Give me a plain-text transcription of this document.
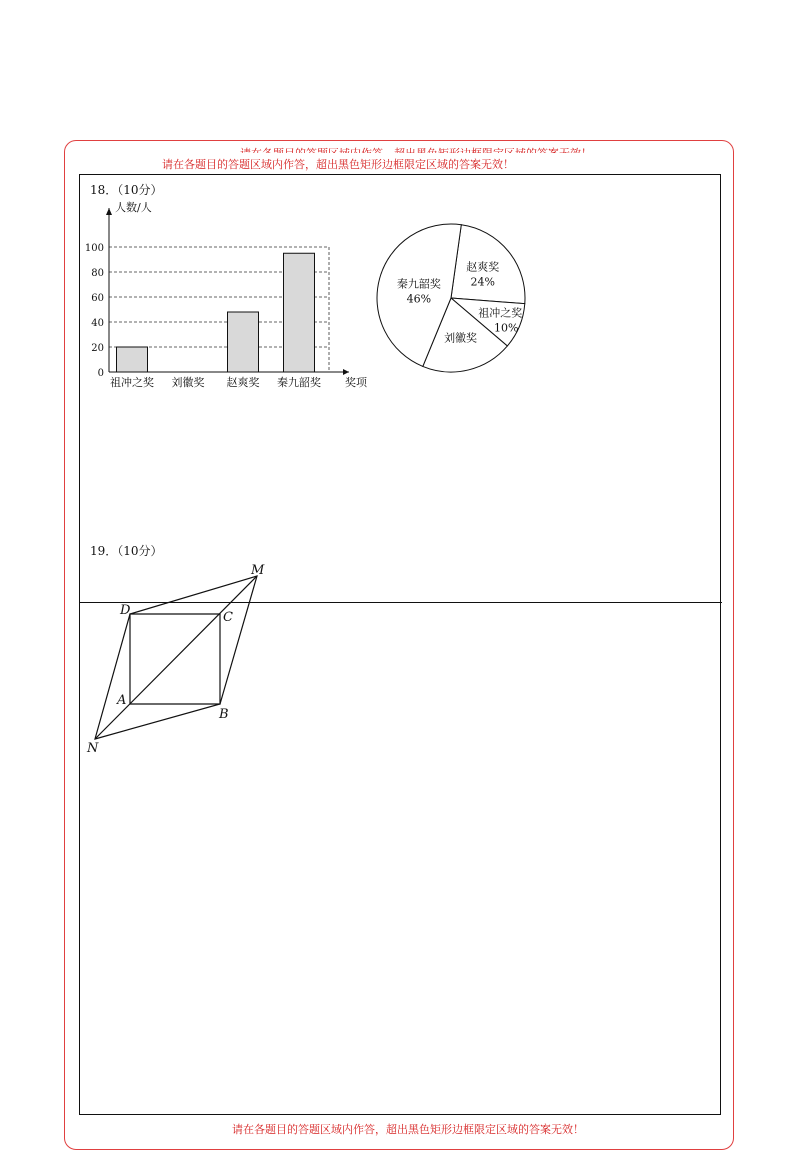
请在各题目的答题区域内作答，超出黑色矩形边框限定区域的答案无效！
请在各题目的答题区域内作答，超出黑色矩形边框限定区域的答案无效！
18．（10分）
0
20
40
60
80
100
人数/人
奖项
祖冲之奖 刘徽奖 赵爽奖 秦九韶奖
赵爽奖
24%
祖冲之奖
10%
刘徽奖
秦九韶奖
46%
19．（10分）
M
D	C
A
B
N
